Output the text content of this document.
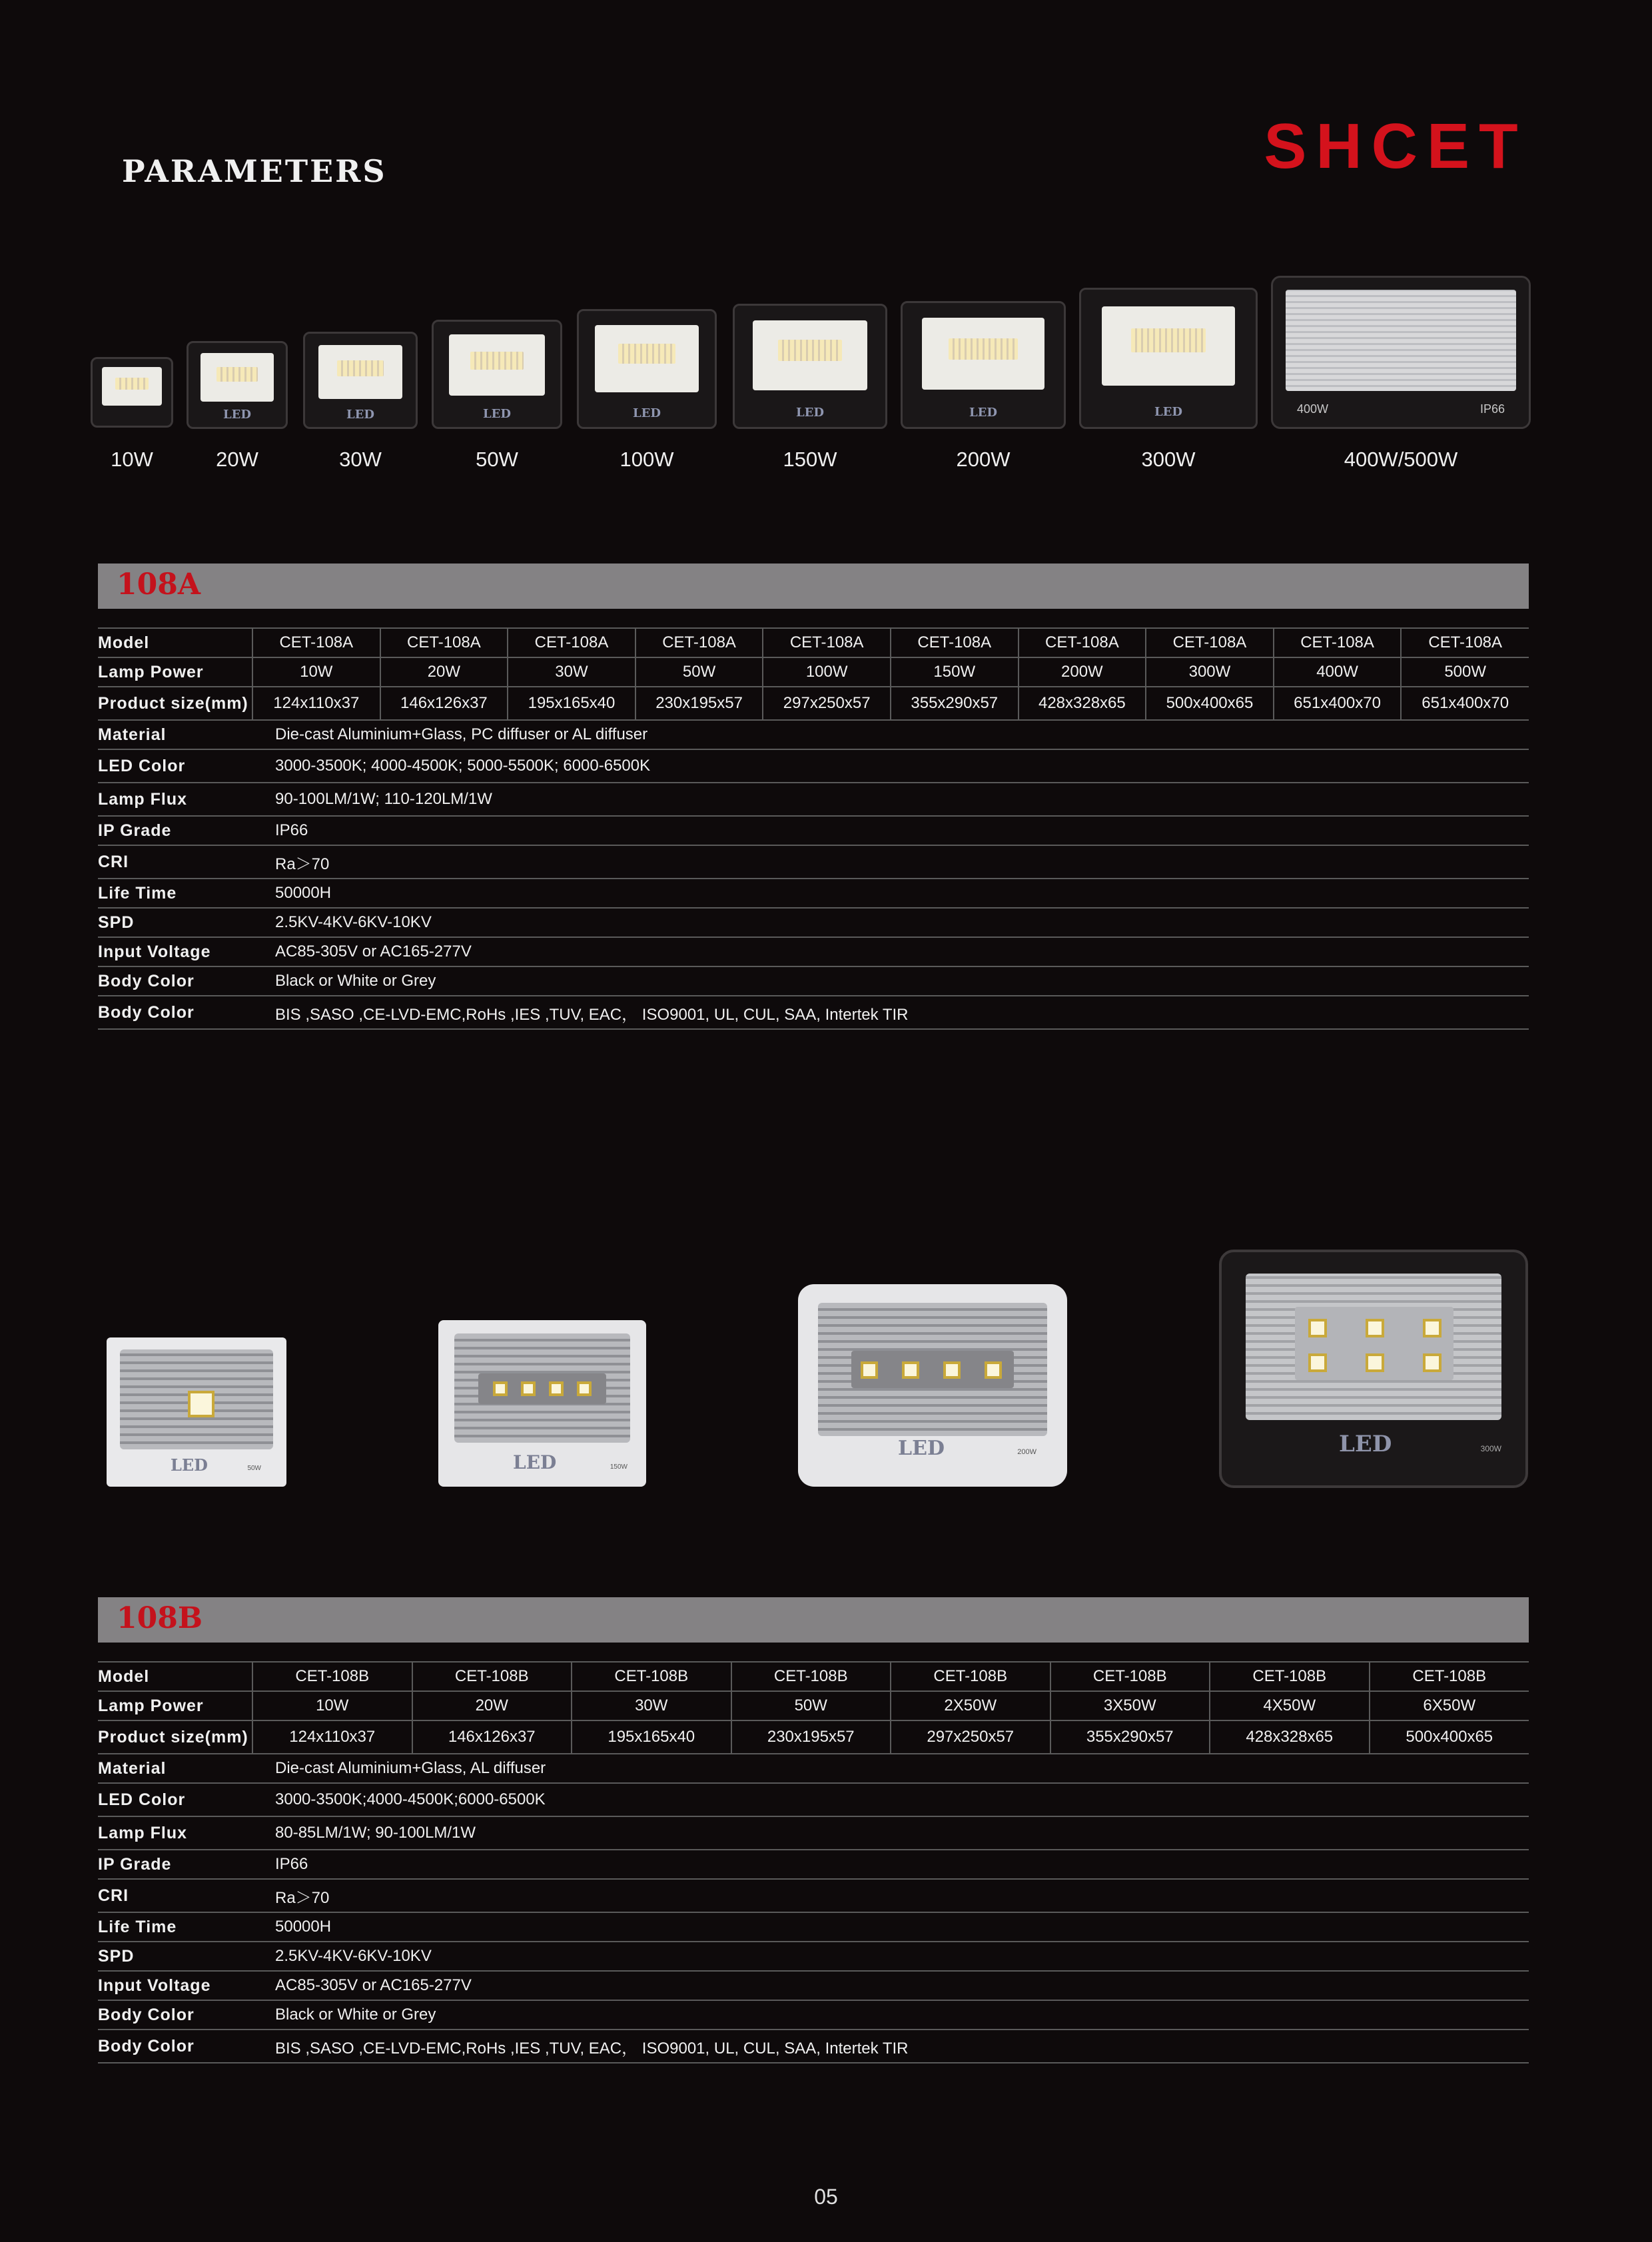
PARAMETERS	SHCET
LED	LED	LED	LED	LED	LED	LED	400W	IP66
10W	20W	30W	50W	100W	150W	200W	300W	400W/500W
108A
Model	CET-108A	CET-108A	CET-108A	CET-108A	CET-108A	CET-108A	CET-108A	CET-108A	CET-108A	CET-108A
Lamp Power	10W	20W	30W	50W	100W	150W	200W	300W	400W	500W
Product size(mm)	124x110x37	146x126x37	195x165x40	230x195x57	297x250x57	355x290x57	428x328x65	500x400x65	651x400x70	651x400x70
Material	Die-cast Aluminium+Glass, PC diffuser or AL diffuser									
LED Color	3000-3500K; 4000-4500K; 5000-5500K; 6000-6500K									
Lamp Flux	90-100LM/1W; 110-120LM/1W									
IP Grade	IP66									
CRI	Ra＞70									
Life Time	50000H									
SPD	2.5KV-4KV-6KV-10KV									
Input Voltage	AC85-305V or AC165-277V									
Body Color	Black or White or Grey									
Body Color	BIS ,SASO ,CE-LVD-EMC,RoHs ,IES ,TUV, EAC， ISO9001, UL, CUL, SAA, Intertek TIR									
LED	50W	LED	150W
LED	200W	LED	300W
108B
Model	CET-108B	CET-108B	CET-108B	CET-108B	CET-108B	CET-108B	CET-108B	CET-108B
Lamp Power	10W	20W	30W	50W	2X50W	3X50W	4X50W	6X50W
Product size(mm)	124x110x37	146x126x37	195x165x40	230x195x57	297x250x57	355x290x57	428x328x65	500x400x65
Material	Die-cast Aluminium+Glass, AL diffuser							
LED Color	3000-3500K;4000-4500K;6000-6500K							
Lamp Flux	80-85LM/1W; 90-100LM/1W							
IP Grade	IP66							
CRI	Ra＞70							
Life Time	50000H							
SPD	2.5KV-4KV-6KV-10KV							
Input Voltage	AC85-305V or AC165-277V							
Body Color	Black or White or Grey							
Body Color	BIS ,SASO ,CE-LVD-EMC,RoHs ,IES ,TUV, EAC， ISO9001, UL, CUL, SAA, Intertek TIR							
05
